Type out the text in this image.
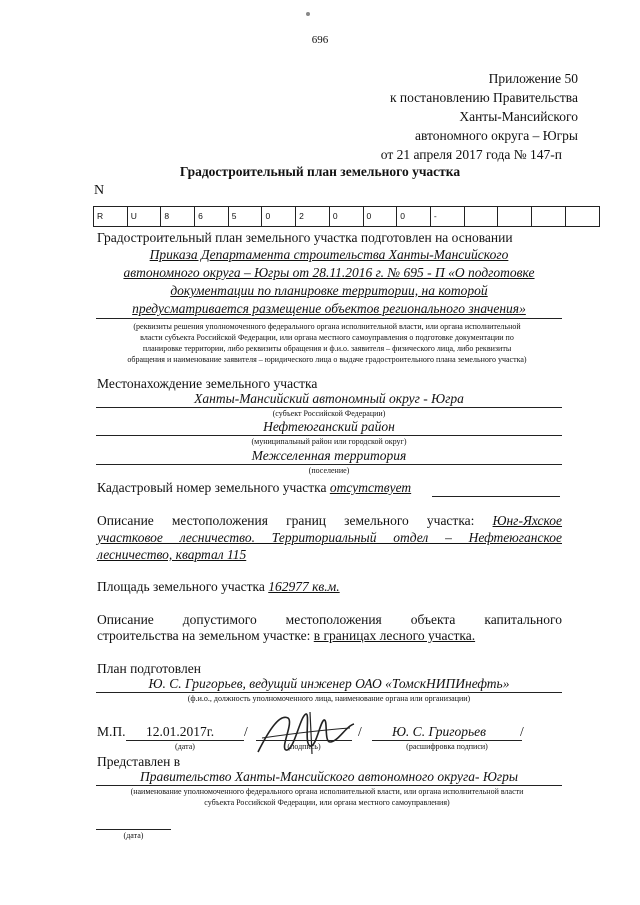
696
Приложение 50
к постановлению Правительства
Ханты-Мансийского
автономного округа – Югры
от 21 апреля 2017 года № 147-п
Градостроительный план земельного участка
N
R	U	8	6	5	0	2	0	0	0	-
Градостроительный план земельного участка подготовлен на основании
Приказа Департамента строительства Ханты-Мансийского
автономного округа – Югры от 28.11.2016 г. № 695 - П «О подготовке
документации по планировке территории, на которой
предусматривается размещение объектов регионального значения»
(реквизиты решения уполномоченного федерального органа исполнительной власти, или органа исполнительной
власти субъекта Российской Федерации, или органа местного самоуправления о подготовке документации по
планировке территории, либо реквизиты обращения и ф.и.о. заявителя – физического лица, либо реквизиты
обращения и наименование заявителя – юридического лица о выдаче градостроительного плана земельного участка)
Местонахождение земельного участка
Ханты-Мансийский автономный округ - Югра
(субъект Российской Федерации)
Нефтеюганский район
(муниципальный район или городской округ)
Межселенная территория
(поселение)
Кадастровый номер земельного участка отсутствует
Описание местоположения границ земельного участка: Юнг-Яхское
участковое лесничество. Территориальный отдел – Нефтеюганское
лесничество, квартал 115
Площадь земельного участка 162977 кв.м.
Описание допустимого местоположения объекта капитального
строительства на земельном участке: в границах лесного участка.
План подготовлен
Ю. С. Григорьев, ведущий инженер ОАО «ТомскНИПИнефть»
(ф.и.о., должность уполномоченного лица, наименование органа или организации)
М.П. 12.01.2017г.
(дата)
/
(подпись)
/ Ю. С. Григорьев	/
(расшифровка подписи)
Представлен в
Правительство Ханты-Мансийского автономного округа- Югры
(наименование уполномоченного федерального органа исполнительной власти, или органа исполнительной власти
субъекта Российской Федерации, или органа местного самоуправления)
(дата)
